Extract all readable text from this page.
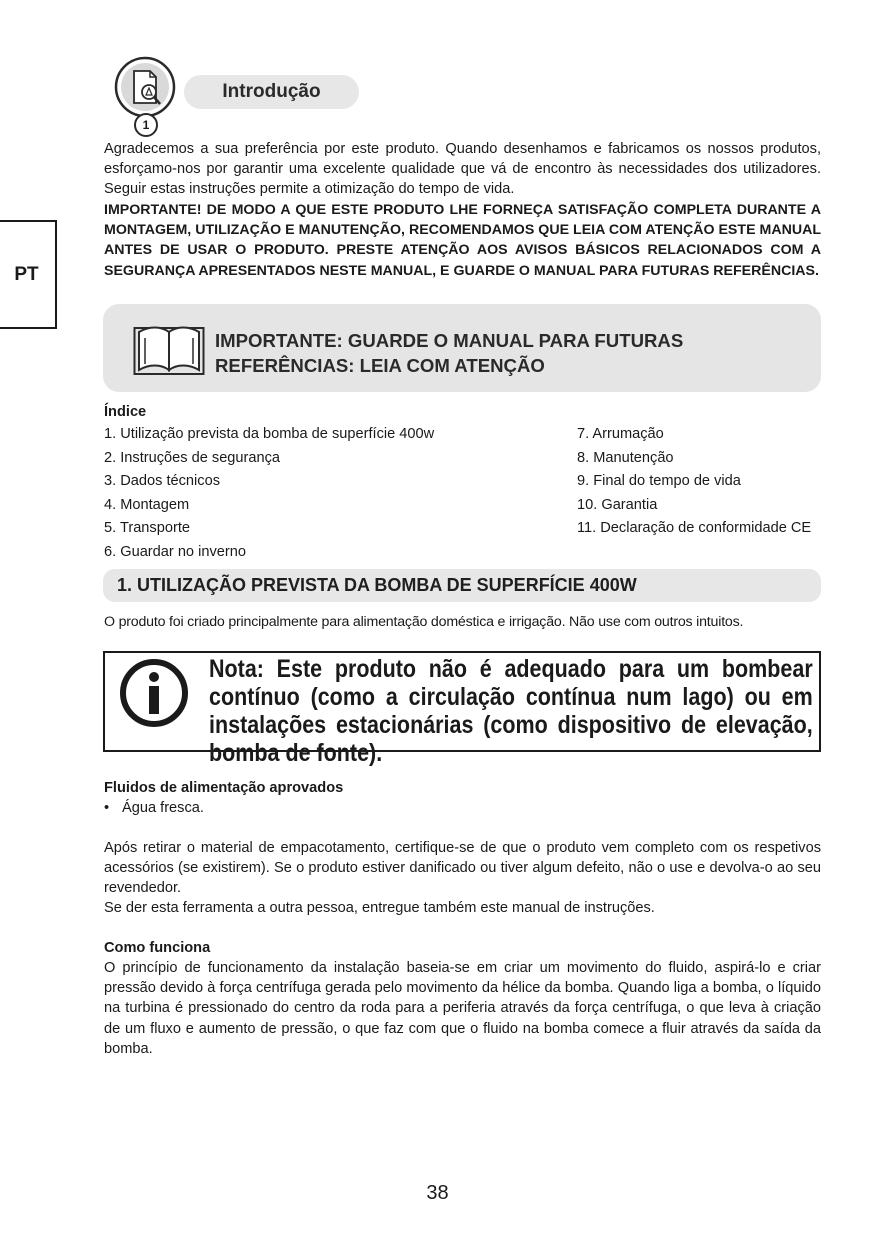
PT
1
Introdução
Agradecemos a sua preferência por este produto. Quando desenhamos e fabricamos os nossos produtos, esforçamo-nos por garantir uma excelente qualidade que vá de encontro às necessidades dos utilizadores. Seguir estas instruções permite a otimização do tempo de vida.
IMPORTANTE! DE MODO A QUE ESTE PRODUTO LHE FORNEÇA SATISFAÇÃO COMPLETA DURANTE A MONTAGEM, UTILIZAÇÃO E MANUTENÇÃO, RECOMENDAMOS QUE LEIA COM ATENÇÃO ESTE MANUAL ANTES DE USAR O PRODUTO. PRESTE ATENÇÃO AOS AVISOS BÁSICOS RELACIONADOS COM A SEGURANÇA APRESENTADOS NESTE MANUAL, E GUARDE O MANUAL PARA FUTURAS REFERÊNCIAS.
IMPORTANTE: GUARDE O MANUAL PARA FUTURAS
REFERÊNCIAS: LEIA COM ATENÇÃO
Índice
1. Utilização prevista da bomba de superfície 400w
2. Instruções de segurança
3. Dados técnicos
4. Montagem
5. Transporte
6. Guardar no inverno
7. Arrumação
8. Manutenção
9. Final do tempo de vida
10. Garantia
11. Declaração de conformidade CE
1. UTILIZAÇÃO PREVISTA DA BOMBA DE SUPERFÍCIE 400W
O produto foi criado principalmente para alimentação doméstica e irrigação. Não use com outros intuitos.
Nota: Este produto não é adequado para um bombear contínuo (como a circulação contínua num lago) ou em instalações estacionárias (como dispositivo de elevação, bomba de fonte).
Fluidos de alimentação aprovados
• Água fresca.
Após retirar o material de empacotamento, certifique-se de que o produto vem completo com os respetivos acessórios (se existirem). Se o produto estiver danificado ou tiver algum defeito, não o use e devolva-o ao seu revendedor.
Se der esta ferramenta a outra pessoa, entregue também este manual de instruções.
Como funciona
O princípio de funcionamento da instalação baseia-se em criar um movimento do fluido, aspirá-lo e criar pressão devido à força centrífuga gerada pelo movimento da hélice da bomba. Quando liga a bomba, o líquido na turbina é pressionado do centro da roda para a periferia através da força centrífuga, o que leva à criação de um fluxo e aumento de pressão, o que faz com que o fluido na bomba comece a fluir através da saída da bomba.
38
